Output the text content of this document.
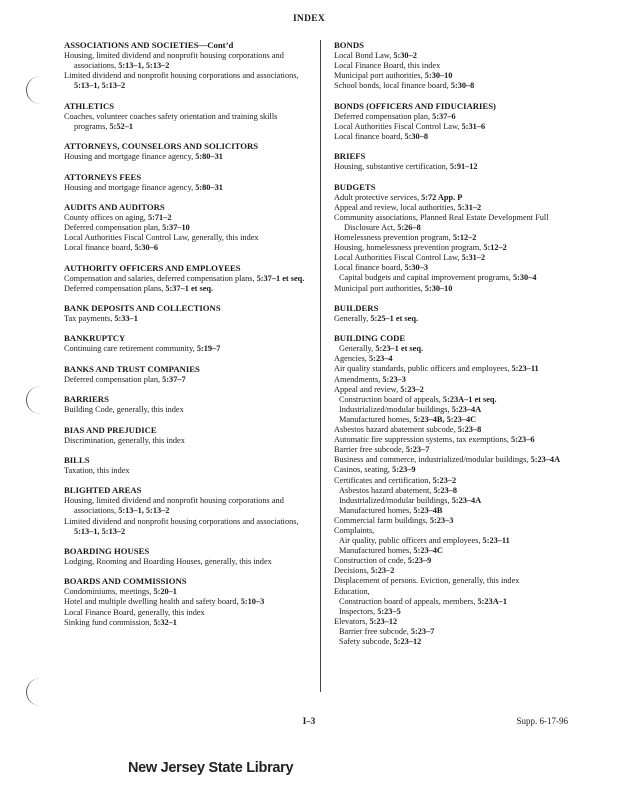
INDEX
ASSOCIATIONS AND SOCIETIES—Cont’d
Housing, limited dividend and nonprofit housing corporations and associations, 5:13–1, 5:13–2
Limited dividend and nonprofit housing corporations and associations, 5:13–1, 5:13–2
ATHLETICS
Coaches, volunteer coaches safety orientation and training skills programs, 5:52–1
ATTORNEYS, COUNSELORS AND SOLICITORS
Housing and mortgage finance agency, 5:80–31
ATTORNEYS FEES
Housing and mortgage finance agency, 5:80–31
AUDITS AND AUDITORS
County offices on aging, 5:71–2
Deferred compensation plan, 5:37–10
Local Authorities Fiscal Control Law, generally, this index
Local finance board, 5:30–6
AUTHORITY OFFICERS AND EMPLOYEES
Compensation and salaries, deferred compensation plans, 5:37–1 et seq.
Deferred compensation plans, 5:37–1 et seq.
BANK DEPOSITS AND COLLECTIONS
Tax payments, 5:33–1
BANKRUPTCY
Continuing care retirement community, 5:19–7
BANKS AND TRUST COMPANIES
Deferred compensation plan, 5:37–7
BARRIERS
Building Code, generally, this index
BIAS AND PREJUDICE
Discrimination, generally, this index
BILLS
Taxation, this index
BLIGHTED AREAS
Housing, limited dividend and nonprofit housing corporations and associations, 5:13–1, 5:13–2
Limited dividend and nonprofit housing corporations and associations, 5:13–1, 5:13–2
BOARDING HOUSES
Lodging, Rooming and Boarding Houses, generally, this index
BOARDS AND COMMISSIONS
Condominiums, meetings, 5:20–1
Hotel and multiple dwelling health and safety board, 5:10–3
Local Finance Board, generally, this index
Sinking fund commission, 5:32–1
BONDS
Local Bond Law, 5:30–2
Local Finance Board, this index
Municipal port authorities, 5:30–10
School bonds, local finance board, 5:30–8
BONDS (OFFICERS AND FIDUCIARIES)
Deferred compensation plan, 5:37–6
Local Authorities Fiscal Control Law, 5:31–6
Local finance board, 5:30–8
BRIEFS
Housing, substantive certification, 5:91–12
BUDGETS
Adult protective services, 5:72 App. P
Appeal and review, local authorities, 5:31–2
Community associations, Planned Real Estate Development Full Disclosure Act, 5:26–8
Homelessness prevention program, 5:12–2
Housing, homelessness prevention program, 5:12–2
Local Authorities Fiscal Control Law, 5:31–2
Local finance board, 5:30–3
Capital budgets and capital improvement programs, 5:30–4
Municipal port authorities, 5:30–10
BUILDERS
Generally, 5:25–1 et seq.
BUILDING CODE
Generally, 5:23–1 et seq.
Agencies, 5:23–4
Air quality standards, public officers and employees, 5:23–11
Amendments, 5:23–3
Appeal and review, 5:23–2
Construction board of appeals, 5:23A–1 et seq.
Industrialized/modular buildings, 5:23–4A
Manufactured homes, 5:23–4B, 5:23–4C
Asbestos hazard abatement subcode, 5:23–8
Automatic fire suppression systems, tax exemptions, 5:23–6
Barrier free subcode, 5:23–7
Business and commerce, industrialized/modular buildings, 5:23–4A
Casinos, seating, 5:23–9
Certificates and certification, 5:23–2
Asbestos hazard abatement, 5:23–8
Industrialized/modular buildings, 5:23–4A
Manufactured homes, 5:23–4B
Commercial farm buildings, 5:23–3
Complaints,
Air quality, public officers and employees, 5:23–11
Manufactured homes, 5:23–4C
Construction of code, 5:23–9
Decisions, 5:23–2
Displacement of persons. Eviction, generally, this index
Education,
Construction board of appeals, members, 5:23A–1
Inspectors, 5:23–5
Elevators, 5:23–12
Barrier free subcode, 5:23–7
Safety subcode, 5:23–12
I–3	Supp. 6-17-96
New Jersey State Library
